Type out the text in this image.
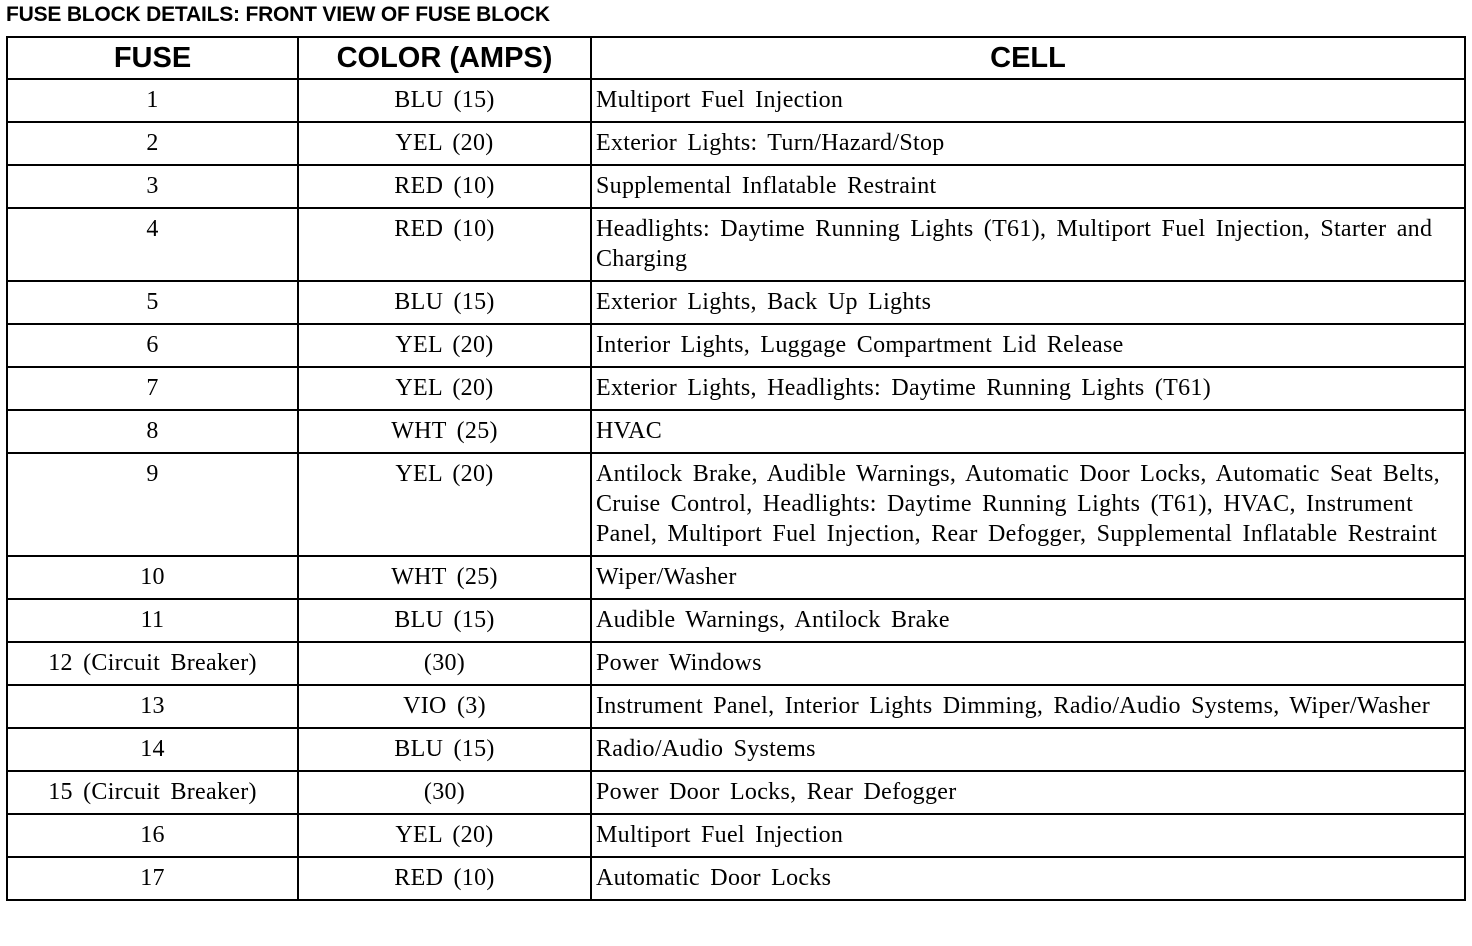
FUSE BLOCK DETAILS: FRONT VIEW OF FUSE BLOCK
FUSE	COLOR (AMPS)	CELL
1	BLU (15)	Multiport Fuel Injection
2	YEL (20)	Exterior Lights: Turn/Hazard/Stop
3	RED (10)	Supplemental Inflatable Restraint
4	RED (10)	Headlights: Daytime Running Lights (T61), Multiport Fuel Injection, Starter and Charging
5	BLU (15)	Exterior Lights, Back Up Lights
6	YEL (20)	Interior Lights, Luggage Compartment Lid Release
7	YEL (20)	Exterior Lights, Headlights: Daytime Running Lights (T61)
8	WHT (25)	HVAC
9	YEL (20)	Antilock Brake, Audible Warnings, Automatic Door Locks, Automatic Seat Belts, Cruise Control, Headlights: Daytime Running Lights (T61), HVAC, Instrument Panel, Multiport Fuel Injection, Rear Defogger, Supplemental Inflatable Restraint
10	WHT (25)	Wiper/Washer
11	BLU (15)	Audible Warnings, Antilock Brake
12 (Circuit Breaker)	(30)	Power Windows
13	VIO (3)	Instrument Panel, Interior Lights Dimming, Radio/Audio Systems, Wiper/Washer
14	BLU (15)	Radio/Audio Systems
15 (Circuit Breaker)	(30)	Power Door Locks, Rear Defogger
16	YEL (20)	Multiport Fuel Injection
17	RED (10)	Automatic Door Locks
